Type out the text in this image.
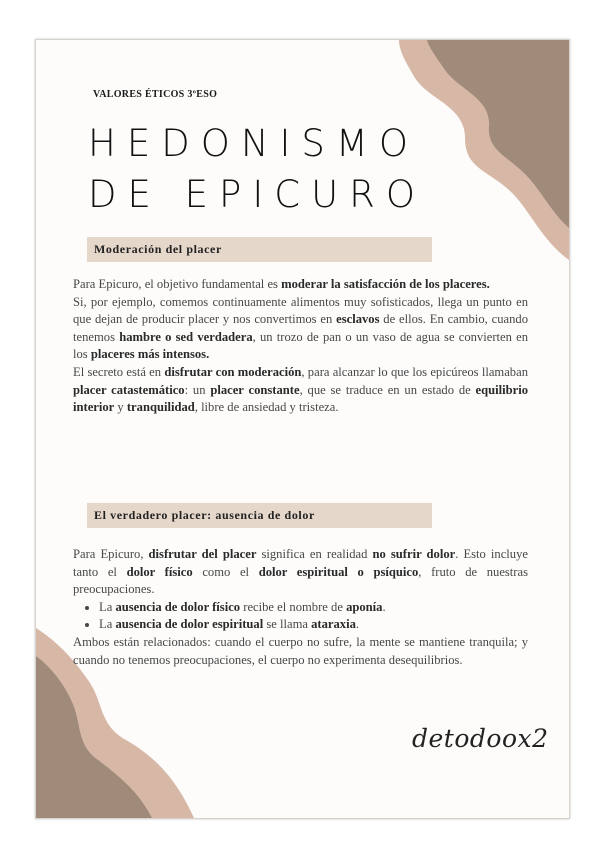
VALORES ÉTICOS 3ºESO

HEDONISMO
DE EPICURO
Moderación del placer

Para Epicuro, el objetivo fundamental es moderar la satisfacción de los placeres.

Si, por ejemplo, comemos continuamente alimentos muy sofisticados, llega un punto en que dejan de producir placer y nos convertimos en esclavos de ellos. En cambio, cuando tenemos hambre o sed verdadera, un trozo de pan o un vaso de agua se convierten en los placeres más intensos.

El secreto está en disfrutar con moderación, para alcanzar lo que los epicúreos llamaban placer catastemático: un placer constante, que se traduce en un estado de equilibrio interior y tranquilidad, libre de ansiedad y tristeza.

El verdadero placer: ausencia de dolor

Para Epicuro, disfrutar del placer significa en realidad no sufrir dolor. Esto incluye tanto el dolor físico como el dolor espiritual o psíquico, fruto de nuestras preocupaciones.

• La ausencia de dolor físico recibe el nombre de aponía.
• La ausencia de dolor espiritual se llama ataraxia.

Ambos están relacionados: cuando el cuerpo no sufre, la mente se mantiene tranquila; y cuando no tenemos preocupaciones, el cuerpo no experimenta desequilibrios.

detodoox2
